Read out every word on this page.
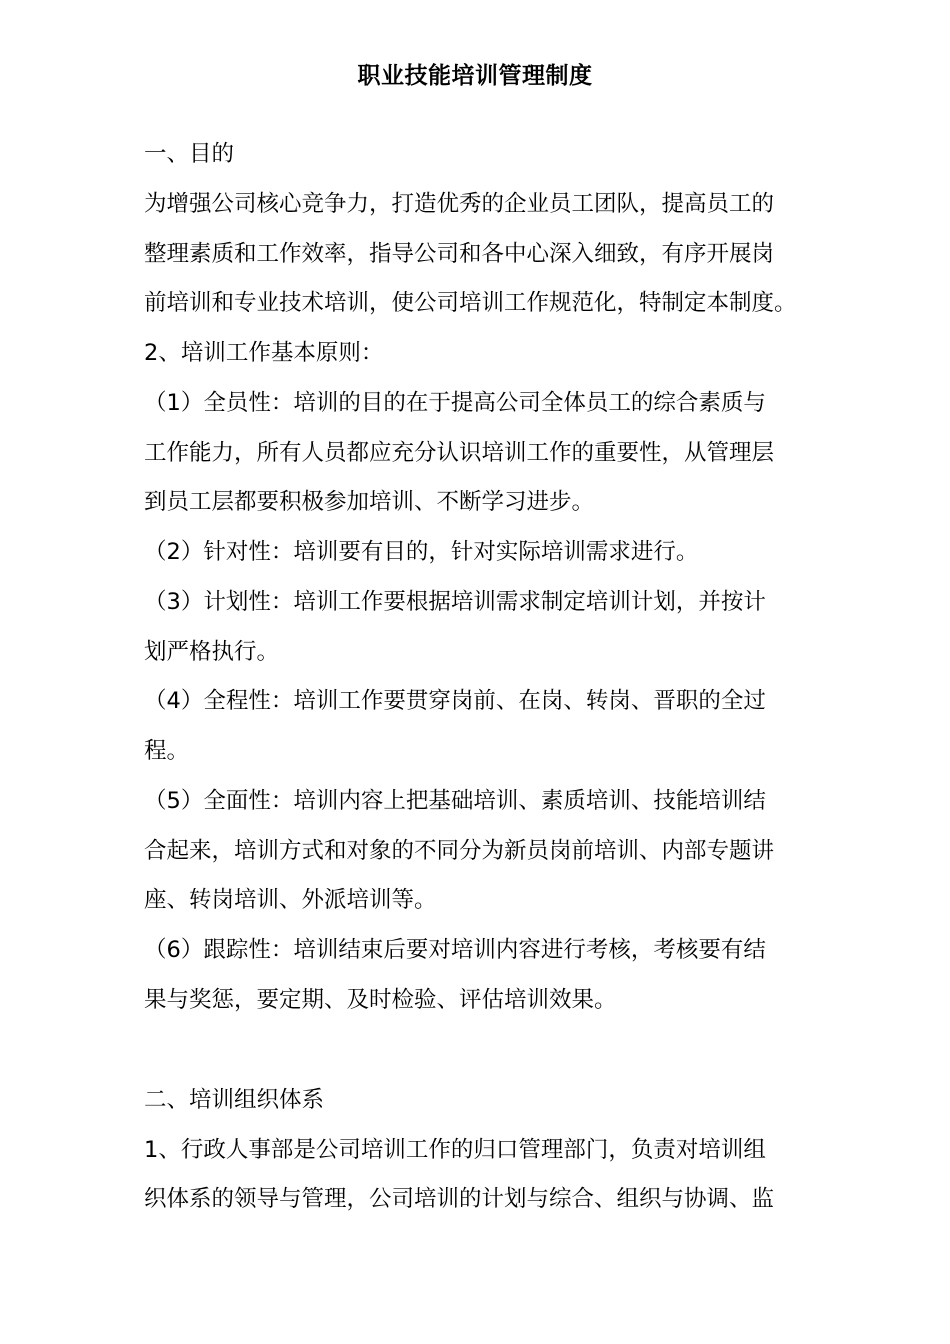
职业技能培训管理制度
一、目的
为增强公司核心竞争力，打造优秀的企业员工团队，提高员工的
整理素质和工作效率，指导公司和各中心深入细致，有序开展岗
前培训和专业技术培训，使公司培训工作规范化，特制定本制度。
2、培训工作基本原则：
（1）全员性：培训的目的在于提高公司全体员工的综合素质与
工作能力，所有人员都应充分认识培训工作的重要性，从管理层
到员工层都要积极参加培训、不断学习进步。
（2）针对性：培训要有目的，针对实际培训需求进行。
（3）计划性：培训工作要根据培训需求制定培训计划，并按计
划严格执行。
（4）全程性：培训工作要贯穿岗前、在岗、转岗、晋职的全过
程。
（5）全面性：培训内容上把基础培训、素质培训、技能培训结
合起来，培训方式和对象的不同分为新员岗前培训、内部专题讲
座、转岗培训、外派培训等。
（6）跟踪性：培训结束后要对培训内容进行考核，考核要有结
果与奖惩，要定期、及时检验、评估培训效果。
二、培训组织体系
1、行政人事部是公司培训工作的归口管理部门，负责对培训组
织体系的领导与管理，公司培训的计划与综合、组织与协调、监
